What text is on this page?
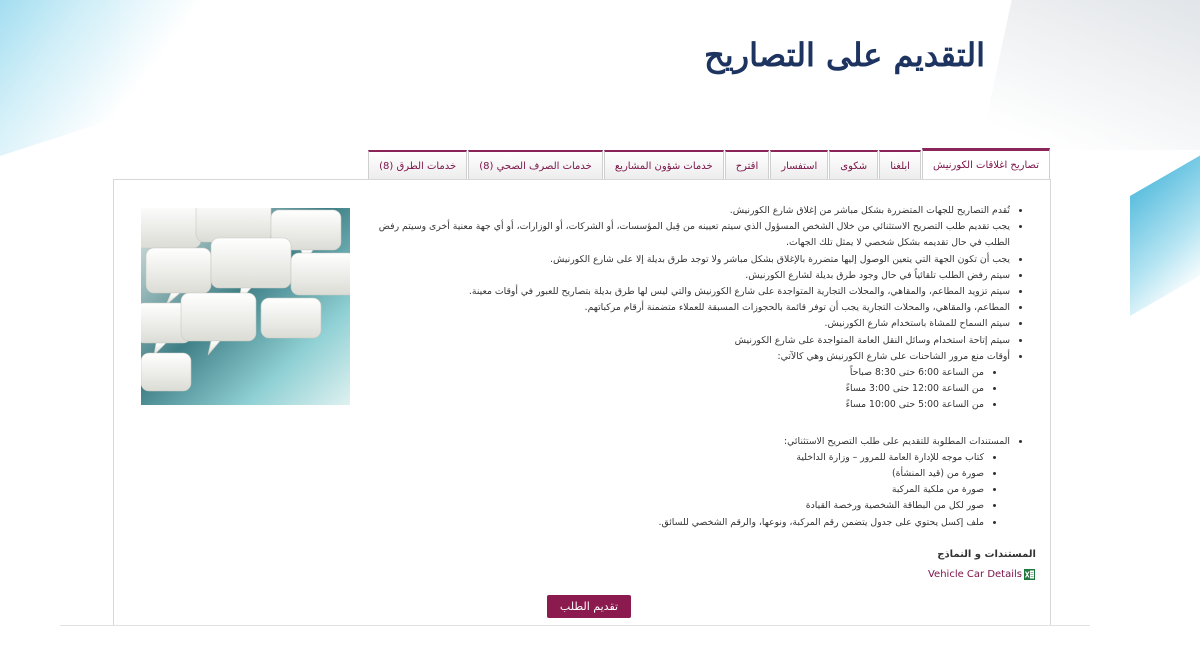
التقديم على التصاريح
خدمات الطرق (8)	خدمات الصرف الصحي (8)	خدمات شؤون المشاريع	اقترح	استفسار	شكوى	ابلغنا	تصاريح اغلاقات الكورنيش
• تُقدم التصاريح للجهات المتضررة بشكل مباشر من إغلاق شارع الكورنيش.
• يجب تقديم طلب التصريح الاستثنائي من خلال الشخص المسؤول الذي سيتم تعيينه من قِبل المؤسسات، أو الشركات، أو الوزارات، أو أي جهة معنية أخرى وسيتم رفض الطلب في حال تقديمه بشكل شخصي لا يمثل تلك الجهات.
• يجب أن تكون الجهة التي يتعين الوصول إليها متضررة بالإغلاق بشكل مباشر ولا توجد طرق بديلة إلا على شارع الكورنيش.
• سيتم رفض الطلب تلقائياً في حال وجود طرق بديلة لشارع الكورنيش.
• سيتم تزويد المطاعم، والمقاهي، والمحلات التجارية المتواجدة على شارع الكورنيش والتي ليس لها طرق بديلة بتصاريح للعبور في أوقات معينة.
• المطاعم، والمقاهي، والمحلات التجارية يجب أن توفر قائمة بالحجوزات المسبقة للعملاء متضمنة أرقام مركباتهم.
• سيتم السماح للمشاة باستخدام شارع الكورنيش.
• سيتم إتاحة استخدام وسائل النقل العامة المتواجدة على شارع الكورنيش
• أوقات منع مرور الشاحنات على شارع الكورنيش وهي كالآتي:
• من الساعة 6:00 حتى 8:30 صباحاً
• من الساعة 12:00 حتى 3:00 مساءً
• من الساعة 5:00 حتى 10:00 مساءً
• المستندات المطلوبة للتقديم على طلب التصريح الاستثنائي:
• كتاب موجه للإدارة العامة للمرور – وزارة الداخلية
• صورة من (قيد المنشأة)
• صورة من ملكية المركبة
• صور لكل من البطاقة الشخصية ورخصة القيادة
• ملف إكسل يحتوي على جدول يتضمن رقم المركبة، ونوعها، والرقم الشخصي للسائق.
المستندات و النماذج
Vehicle Car Details
تقديم الطلب
